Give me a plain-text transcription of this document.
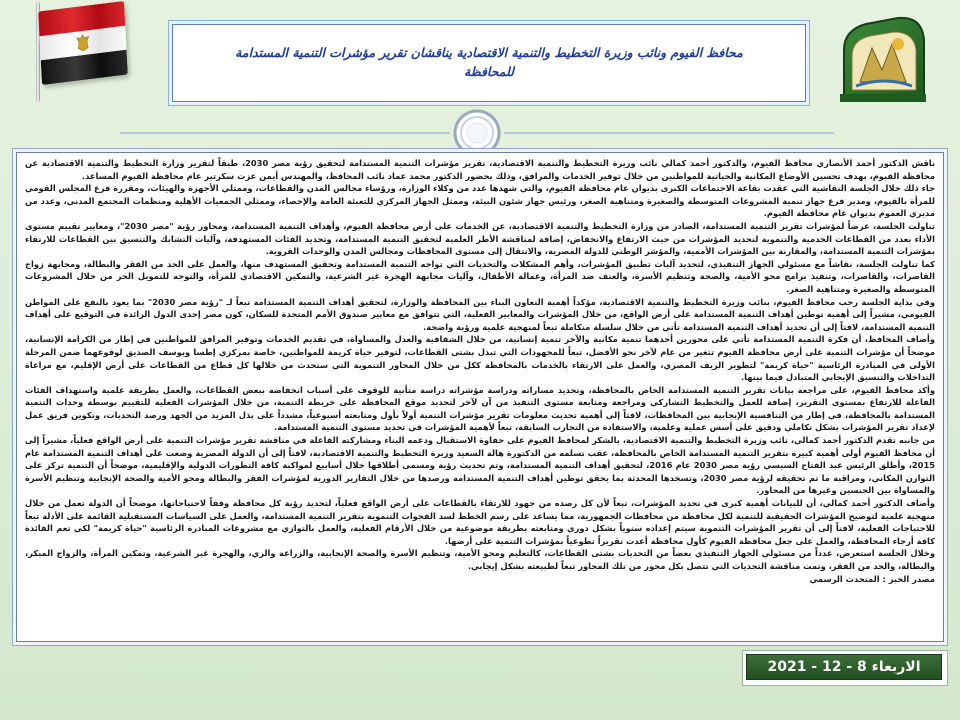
محافظ الفيوم ونائب وزيرة التخطيط والتنمية الاقتصادية يناقشان تقرير مؤشرات التنمية المستدامة
للمحافظة

ناقش الدكتور أحمد الأنصاري محافظ الفيوم، والدكتور أحمد كمالي نائب وزيرة التخطيط والتنمية الاقتصادية، تقرير مؤشرات التنمية المستدامة لتحقيق رؤية مصر 2030، طبقاً لتقرير وزارة التخطيط والتنمية الاقتصادية عن محافظة الفيوم، بهدف تحسين الأوضاع المكانية والحياتية للمواطنين من خلال توفير الخدمات والمرافق، وذلك بحضور الدكتور محمد عماد نائب المحافظ، والمهندس أيمن عزت سكرتير عام محافظة الفيوم المساعد.

جاء ذلك خلال الجلسة النقاشية التي عقدت بقاعة الاجتماعات الكبرى بديوان عام محافظة الفيوم، والتي شهدها عدد من وكلاء الوزارة، ورؤساء مجالس المدن والقطاعات، وممثلي الأجهزة والهيئات، ومقررة فرع المجلس القومي للمرأة بالفيوم، ومدير فرع جهاز تنمية المشروعات المتوسطة والصغيرة ومتناهية الصغر، ورئيس جهاز شئون البيئة، وممثل الجهاز المركزي للتعبئة العامة والإحصاء، وممثلي الجمعيات الأهلية ومنظمات المجتمع المدني، وعدد من مديري العموم بديوان عام محافظة الفيوم.

تناولت الجلسة، عرضاً لمؤشرات تقرير التنمية المستدامة، الصادر من وزارة التخطيط والتنمية الاقتصادية، عن الخدمات على أرض محافظة الفيوم، وأهداف التنمية المستدامة، ومحاور رؤية "مصر 2030"، ومعايير تقييم مستوى الأداء بعدد من القطاعات الخدمية والتنموية لتحديد المؤشرات من حيث الارتفاع والانخفاض، إضافة لمناقشة الأطر العلمية لتحقيق التنمية المستدامة، وتحديد الفئات المستهدفة، وآليات التشابك والتنسيق بين القطاعات للارتقاء بمؤشرات التنمية المستدامة، والمقارنة بين المؤشرات الأممية، والمؤشر الوطني للدولة المصرية، والانتقال إلى مستوى المحافظات ومجالس المدن والوحدات القروية.

كما تناولت الجلسة، نقاشاً مع مسئولي الجهاز التنفيذي، لتحديد آليات تطبيق المؤشرات، وأهم المشكلات والتحديات التي تواجه التنمية المستدامة وتحقيق المستهدف منها، والعمل على الحد من الفقر والبطالة، ومجابهة زواج القاصرات، والقاصرات، وتنفيذ برامج محو الأمية، والصحة وتنظيم الأسرة، والعنف ضد المرأة، وعمالة الأطفال، وآليات مجابهة الهجرة غير الشرعية، والتمكين الاقتصادي للمرأة، والتوجه للتمويل الحر من خلال المشروعات المتوسطة والصغيرة ومتناهية الصغر.

وفي بداية الجلسة رحب محافظ الفيوم، بنائب وزيرة التخطيط والتنمية الاقتصادية، مؤكداً أهمية التعاون البناء بين المحافظة والوزارة، لتحقيق أهداف التنمية المستدامة تبعاً لـ "رؤية مصر 2030" بما يعود بالنفع على المواطن الفيومي، مشيراً إلى أهمية توطين أهداف التنمية المستدامة على أرض الواقع، من خلال المؤشرات والمعايير الفعلية، التي تتوافق مع معايير صندوق الأمم المتحدة للسكان، كون مصر إحدى الدول الرائدة في التوقيع على أهداف التنمية المستدامة، لافتاً إلى أن تحديد أهداف التنمية المستدامة تأتي من خلال سلسلة متكاملة تبعاً لمنهجية علمية ورؤية واضحة.

وأضاف المحافظ، أن فكرة التنمية المستدامة تأتي على محورين أحدهما تنمية مكانية والآخر تنمية إنسانية، من خلال الشفافية والعدل والمساواة، في تقديم الخدمات وتوفير المرافق للمواطنين في إطار من الكرامة الإنسانية، موضحاً أن مؤشرات التنمية على أرض محافظة الفيوم تتغير من عام لآخر نحو الأفضل، تبعاً للمجهودات التي تبذل بشتى القطاعات، لتوفير حياة كريمة للمواطنين، خاصة بمركزي إطسا ويوسف الصديق لوقوعهما ضمن المرحلة الأولى في المبادرة الرئاسية "حياة كريمة" لتطوير الريف المصري، والعمل على الارتقاء بالخدمات بالمحافظة ككل من خلال المحاور التنموية التي ستحدث من خلالها كل قطاع من القطاعات على أرض الإقليم، مع مراعاة التداخلات والتنسيق الإيجابي المتبادل فيما بينها.

وأكد محافظ الفيوم، على مراجعة بيانات تقرير التنمية المستدامة الخاص بالمحافظة، وتحديد مساراته ودراسة مؤشراته دراسة متأنية للوقوف على أسباب انخفاضه ببعض القطاعات، والعمل بطريقة علمية واستهداف الفئات الفاعلة للارتفاع بمستوى التقرير، إضافة للعمل والتخطيط التشاركي ومراجعة ومتابعة مستوى التنفيذ من آن لآخر لتحديد موقع المحافظة على خريطة التنمية، من خلال المؤشرات الفعلية للتقييم بوسطة وحدات التنمية المستدامة بالمحافظة، في إطار من التنافسية الإيجابية بين المحافظات، لافتاً إلى أهمية تحديث معلومات تقرير مؤشرات التنمية أولاً بأول ومتابعته أسبوعياً، مشدداً على بذل المزيد من الجهد ورصد التحديات، وتكوين فريق عمل لإعداد تقرير المؤشرات بشكل تكاملي ودقيق على أسس عملية وعلمية، والاستفادة من التجارب السابقة، تبعاً لأهمية المؤشرات في تحديد مستوى التنمية المستدامة.

من جانبه تقدم الدكتور أحمد كمالي، نائب وزيرة التخطيط والتنمية الاقتصادية، بالشكر لمحافظ الفيوم على حفاوة الاستقبال ودعمه البناء ومشاركته الفاعلة في مناقشة تقرير مؤشرات التنمية على أرض الواقع فعلياً، مشيراً إلى أن محافظ الفيوم أولى أهمية كبيرة بتقرير التنمية المستدامة الخاص بالمحافظة، عقب تسلمه من الدكتورة هالة السعيد وزيرة التخطيط والتنمية الاقتصادية، لافتاً إلى أن الدولة المصرية وضعت على أهداف التنمية المستدامة عام 2015، وأطلق الرئيس عبد الفتاح السيسي رؤية مصر 2030 عام 2016، لتحقيق أهداف التنمية المستدامة، وتم تحديث رؤية ومسمى أطلاقها خلال أسابيع لمواكبة كافة التطورات الدولية والإقليمية، موضحاً أن التنمية تركز على التوازن المكاني، ومراقبة ما تم تحقيقه لرؤية مصر 2030، وتسخدها المحدثة بما يحقق توطين أهداف التنمية المستدامة ورصدها من خلال التقارير الدورية لمؤشرات الفقر والبطالة ومحو الأمية والصحة الإنجابية وتنظيم الأسرة والمساواة بين الجنسين وغيرها من المحاور.

وأضاف الدكتور أحمد كمالي، أن للبيانات أهمية كبرى في تحديد المؤشرات، تبعاً لأن كل رصده من جهود للارتقاء بالقطاعات على أرض الواقع فعلياً، لتحديد رؤية كل محافظة وفقاً لاحتياجاتها، موضحاً أن الدولة تعمل من خلال منهجية علمية لتوضيح المؤشرات الحقيقية للتنمية لكل محافظة من محافظات الجمهورية، مما يساعد على رسم الخطط لسد الفجوات التنموية بتقرير التنمية المستدامة، والعمل على السياسات المستقبلية القائمة على الأدلة تبعاً للاحتياجات الفعلية، لافتاً إلى أن تقرير المؤشرات التنموية سيتم إعداده سنوياً بشكل دوري ومتابعته بطريقة موضوعية من خلال الأرقام الفعلية، والعمل بالتوازي مع مشروعات المبادرة الرئاسية "حياة كريمة" لكي تعم الفائدة كافة أرجاء المحافظة، والعمل على جعل محافظة الفيوم كأول محافظة أعدت تقريراً تطوعياً بمؤشرات التنمية على أرضها.

وخلال الجلسة استعرض، عدداً من مسئولي الجهاز التنفيذي بعضاً من التحديات بشتى القطاعات، كالتعليم ومحو الأمية، وتنظيم الأسرة والصحة الإنجابية، والزراعة والري، والهجرة غير الشرعية، وتمكين المرأة، والزواج المبكر، والبطالة، والحد من الفقر، وتمت مناقشة التحديات التي تتصل بكل محور من تلك المحاور تبعاً لطبيعته بشكل إيجابي.

مصدر الخبر : المتحدث الرسمي

الاربعاء 8 - 12 - 2021
